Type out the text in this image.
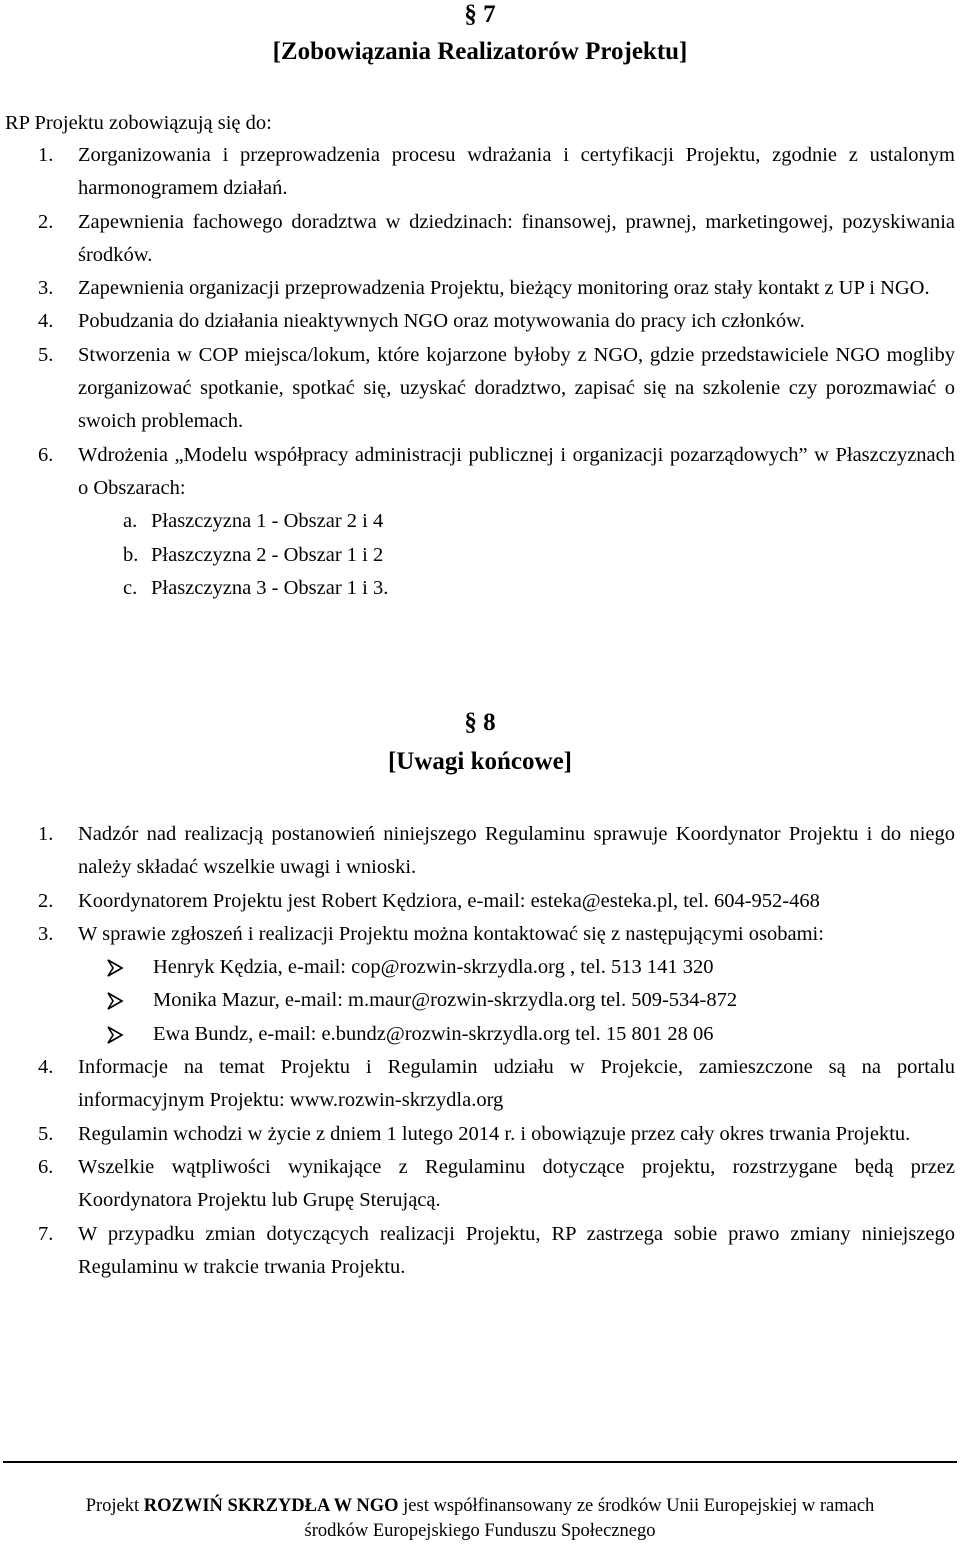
§ 7
[Zobowiązania Realizatorów Projektu]
RP Projektu zobowiązują się do:
1. Zorganizowania i przeprowadzenia procesu wdrażania i certyfikacji Projektu, zgodnie z ustalonym harmonogramem działań.
2. Zapewnienia fachowego doradztwa w dziedzinach: finansowej, prawnej, marketingowej, pozyskiwania środków.
3. Zapewnienia organizacji przeprowadzenia Projektu, bieżący monitoring oraz stały kontakt z UP i NGO.
4. Pobudzania do działania nieaktywnych NGO oraz motywowania do pracy ich członków.
5. Stworzenia w COP miejsca/lokum, które kojarzone byłoby z NGO, gdzie przedstawiciele NGO mogliby zorganizować spotkanie, spotkać się, uzyskać doradztwo, zapisać się na szkolenie czy porozmawiać o swoich problemach.
6. Wdrożenia „Modelu współpracy administracji publicznej i organizacji pozarządowych” w Płaszczyznach o Obszarach:
a. Płaszczyzna 1 - Obszar 2 i 4
b. Płaszczyzna 2 - Obszar 1 i 2
c. Płaszczyzna 3 - Obszar 1 i 3.
§ 8
[Uwagi końcowe]
1. Nadzór nad realizacją postanowień niniejszego Regulaminu sprawuje Koordynator Projektu i do niego należy składać wszelkie uwagi i wnioski.
2. Koordynatorem Projektu jest Robert Kędziora, e-mail: esteka@esteka.pl, tel. 604-952-468
3. W sprawie zgłoszeń i realizacji Projektu można kontaktować się z następującymi osobami:
Henryk Kędzia, e-mail: cop@rozwin-skrzydla.org , tel. 513 141 320
Monika Mazur, e-mail: m.maur@rozwin-skrzydla.org tel. 509-534-872
Ewa Bundz, e-mail: e.bundz@rozwin-skrzydla.org tel. 15 801 28 06
4. Informacje na temat Projektu i Regulamin udziału w Projekcie, zamieszczone są na portalu informacyjnym Projektu: www.rozwin-skrzydla.org
5. Regulamin wchodzi w życie z dniem 1 lutego 2014 r. i obowiązuje przez cały okres trwania Projektu.
6. Wszelkie wątpliwości wynikające z Regulaminu dotyczące projektu, rozstrzygane będą przez Koordynatora Projektu lub Grupę Sterującą.
7. W przypadku zmian dotyczących realizacji Projektu, RP zastrzega sobie prawo zmiany niniejszego Regulaminu w trakcie trwania Projektu.
Projekt ROZWIŃ SKRZYDŁA W NGO jest współfinansowany ze środków Unii Europejskiej w ramach
środków Europejskiego Funduszu Społecznego
